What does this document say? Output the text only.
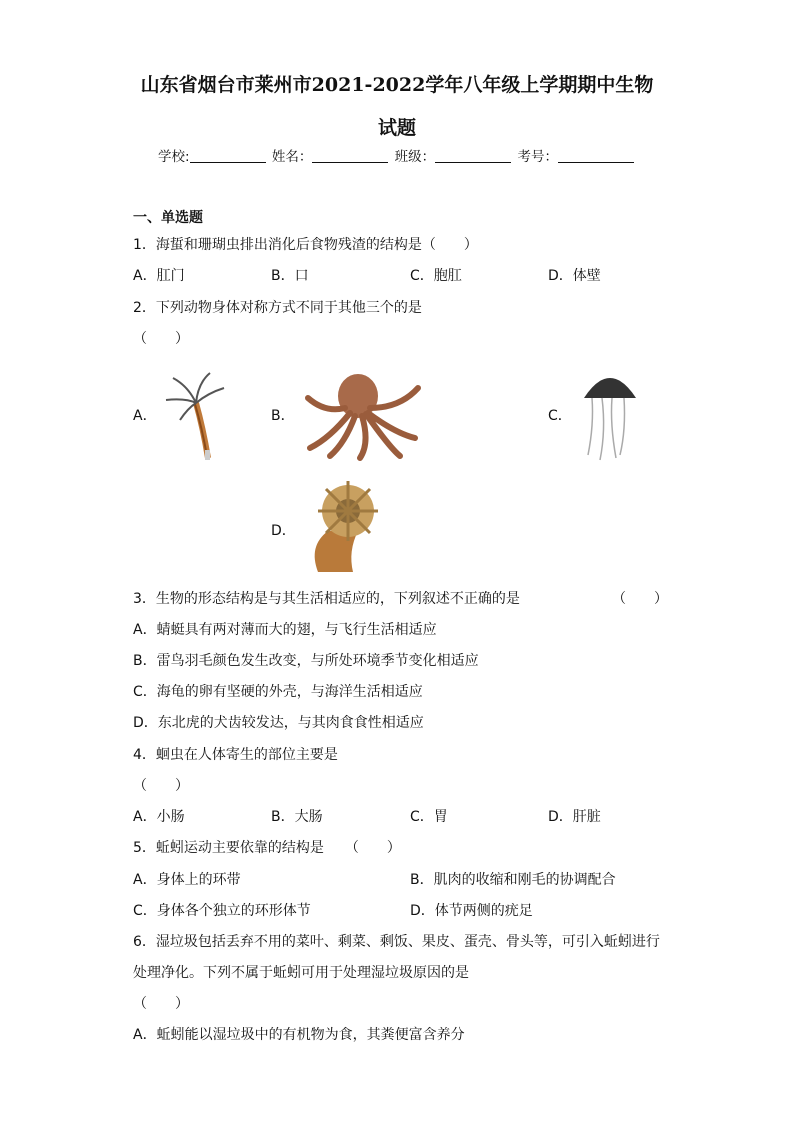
山东省烟台市莱州市2021-2022学年八年级上学期期中生物
试题
学校:	姓名：	班级：	考号：
一、单选题
1．海蜇和珊瑚虫排出消化后食物残渣的结构是（　　）
A．肛门	B．口	C．胞肛	D．体壁
2．下列动物身体对称方式不同于其他三个的是
（　　）
A．	B．	C．
D．
3．生物的形态结构是与其生活相适应的，下列叙述不正确的是	（　　）
A．蜻蜓具有两对薄而大的翅，与飞行生活相适应
B．雷鸟羽毛颜色发生改变，与所处环境季节变化相适应
C．海龟的卵有坚硬的外壳，与海洋生活相适应
D．东北虎的犬齿较发达，与其肉食食性相适应
4．蛔虫在人体寄生的部位主要是
（　　）
A．小肠	B．大肠	C．胃	D．肝脏
5．蚯蚓运动主要依靠的结构是　　（　　）
A．身体上的环带	B．肌肉的收缩和刚毛的协调配合
C．身体各个独立的环形体节	D．体节两侧的疣足
6．湿垃圾包括丢弃不用的菜叶、剩菜、剩饭、果皮、蛋壳、骨头等，可引入蚯蚓进行
处理净化。下列不属于蚯蚓可用于处理湿垃圾原因的是
（　　）
A．蚯蚓能以湿垃圾中的有机物为食，其粪便富含养分
